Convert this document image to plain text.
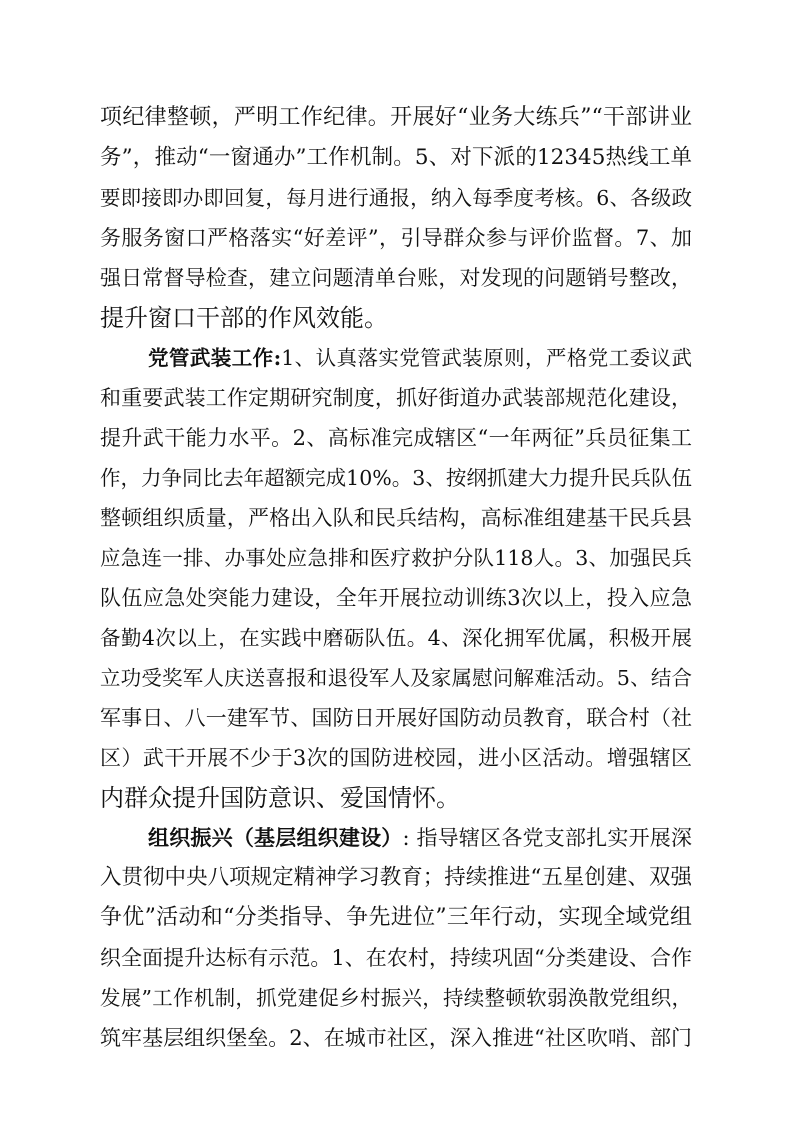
项纪律整顿，严明工作纪律。开展好“业务大练兵”“干部讲业
务”，推动“一窗通办”工作机制。5、对下派的12345热线工单
要即接即办即回复，每月进行通报，纳入每季度考核。6、各级政
务服务窗口严格落实“好差评”，引导群众参与评价监督。7、加
强日常督导检查，建立问题清单台账，对发现的问题销号整改，
提升窗口干部的作风效能。
党管武装工作:1、认真落实党管武装原则，严格党工委议武
和重要武装工作定期研究制度，抓好街道办武装部规范化建设，
提升武干能力水平。2、高标准完成辖区“一年两征”兵员征集工
作，力争同比去年超额完成10%。3、按纲抓建大力提升民兵队伍
整顿组织质量，严格出入队和民兵结构，高标准组建基干民兵县
应急连一排、办事处应急排和医疗救护分队118人。3、加强民兵
队伍应急处突能力建设，全年开展拉动训练3次以上，投入应急
备勤4次以上，在实践中磨砺队伍。4、深化拥军优属，积极开展
立功受奖军人庆送喜报和退役军人及家属慰问解难活动。5、结合
军事日、八一建军节、国防日开展好国防动员教育，联合村（社
区）武干开展不少于3次的国防进校园，进小区活动。增强辖区
内群众提升国防意识、爱国情怀。
组织振兴（基层组织建设）: 指导辖区各党支部扎实开展深
入贯彻中央八项规定精神学习教育；持续推进“五星创建、双强
争优”活动和“分类指导、争先进位”三年行动，实现全域党组
织全面提升达标有示范。1、在农村，持续巩固“分类建设、合作
发展”工作机制，抓党建促乡村振兴，持续整顿软弱涣散党组织，
筑牢基层组织堡垒。2、在城市社区，深入推进“社区吹哨、部门
